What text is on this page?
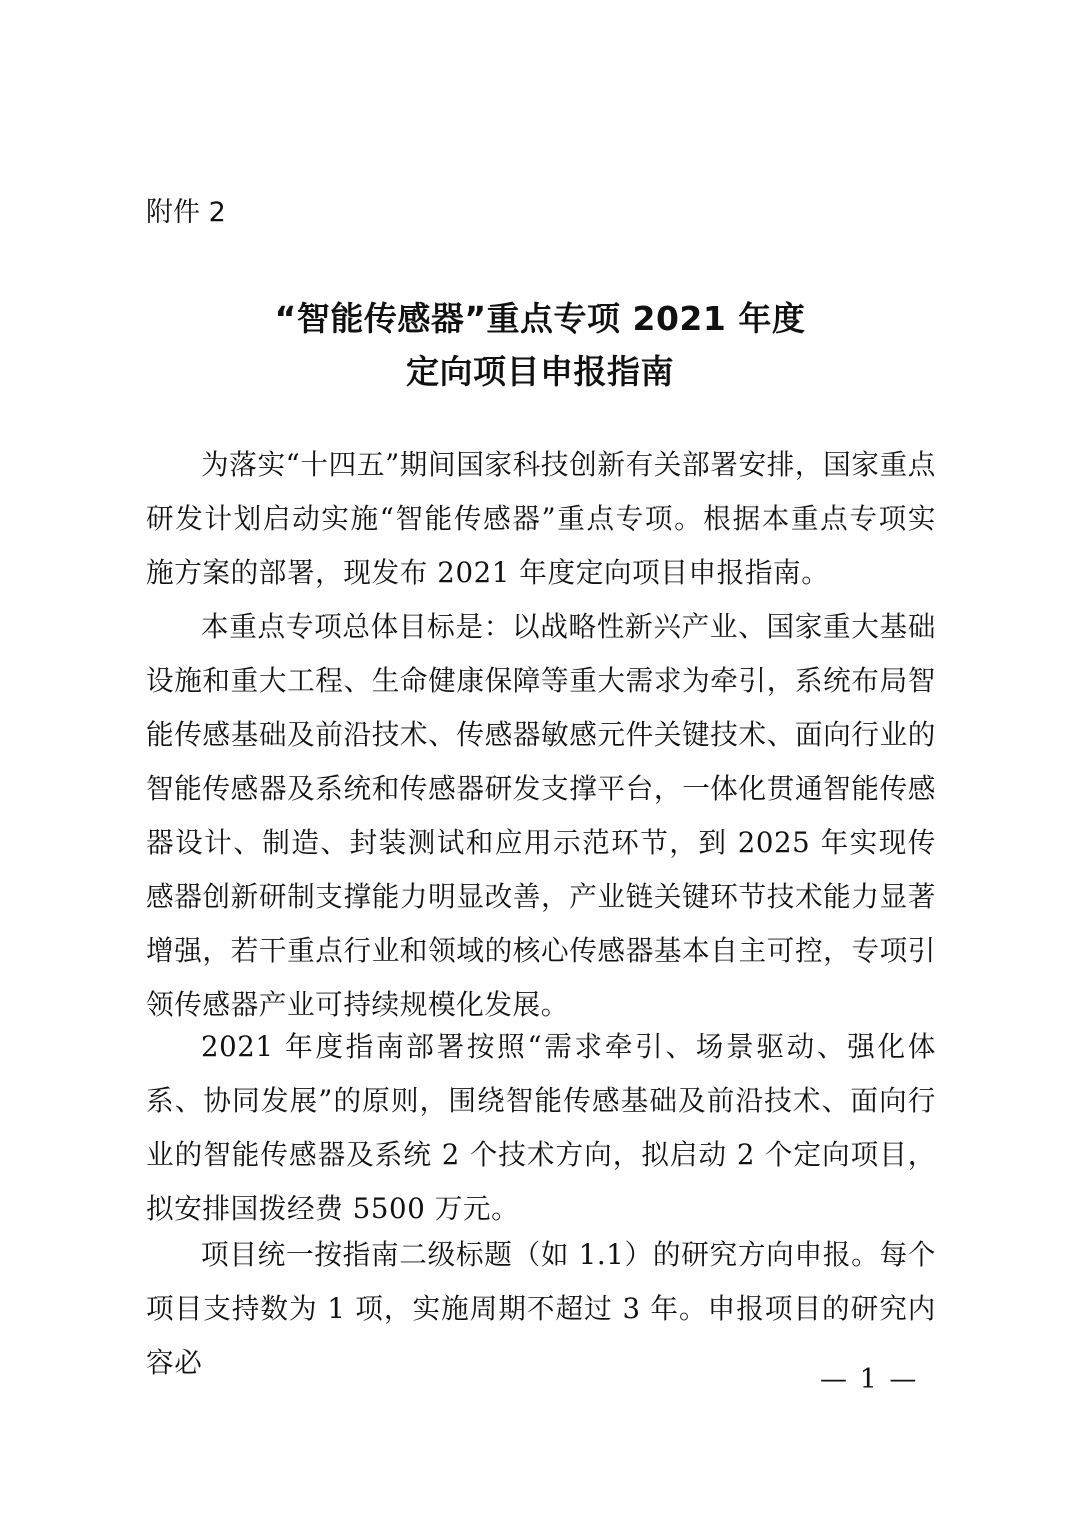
附件 2
“智能传感器”重点专项 2021 年度
定向项目申报指南

为落实“十四五”期间国家科技创新有关部署安排，国家重点研发计划启动实施“智能传感器”重点专项。根据本重点专项实施方案的部署，现发布 2021 年度定向项目申报指南。

本重点专项总体目标是：以战略性新兴产业、国家重大基础设施和重大工程、生命健康保障等重大需求为牵引，系统布局智能传感基础及前沿技术、传感器敏感元件关键技术、面向行业的智能传感器及系统和传感器研发支撑平台，一体化贯通智能传感器设计、制造、封装测试和应用示范环节，到 2025 年实现传感器创新研制支撑能力明显改善，产业链关键环节技术能力显著增强，若干重点行业和领域的核心传感器基本自主可控，专项引领传感器产业可持续规模化发展。

2021 年度指南部署按照“需求牵引、场景驱动、强化体系、协同发展”的原则，围绕智能传感基础及前沿技术、面向行业的智能传感器及系统 2 个技术方向，拟启动 2 个定向项目，拟安排国拨经费 5500 万元。

项目统一按指南二级标题（如 1.1）的研究方向申报。每个项目支持数为 1 项，实施周期不超过 3 年。申报项目的研究内容必

— 1 —
